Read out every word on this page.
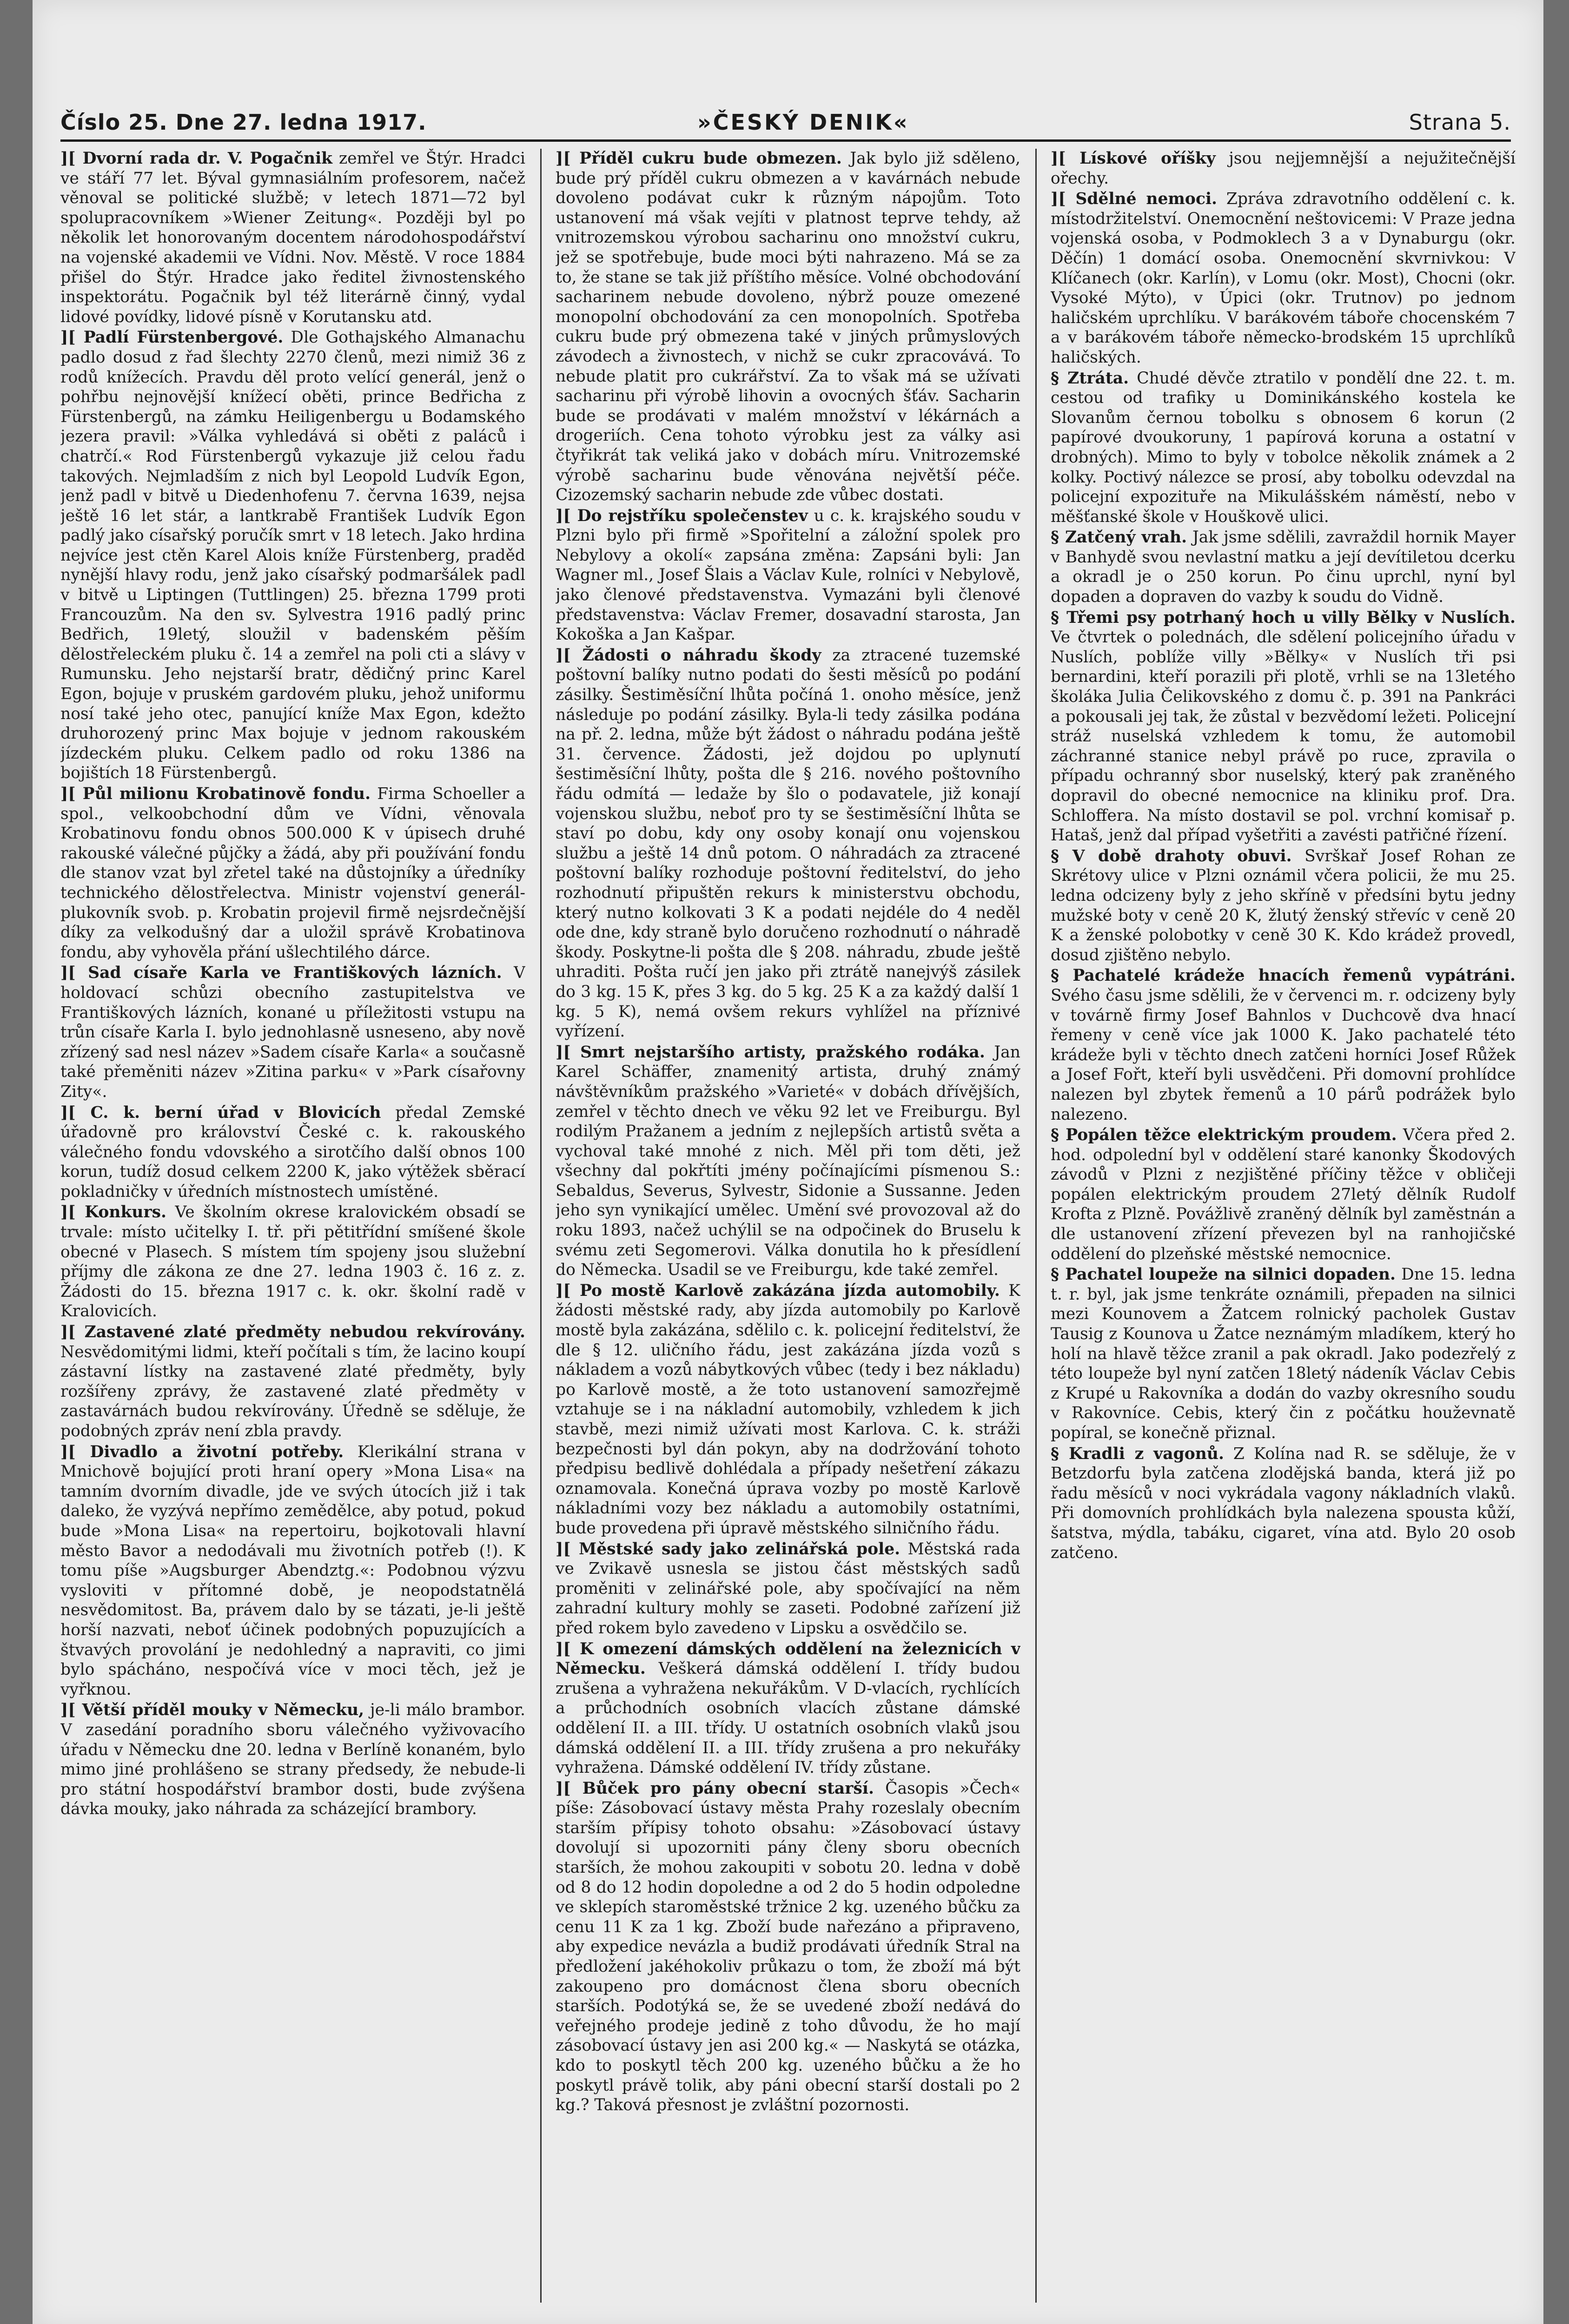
Číslo 25. Dne 27. ledna 1917.	»ČESKÝ DENIK«	Strana 5.

][ Dvorní rada dr. V. Pogačnik zemřel ve Štýr. Hradci ve stáří 77 let. Býval gymnasiálním profesorem, načež věnoval se politické službě; v letech 1871—72 byl spolupracovníkem »Wiener Zeitung«. Později byl po několik let honorovaným docentem národohospodářství na vojenské akademii ve Vídni. Nov. Městě. V roce 1884 přišel do Štýr. Hradce jako ředitel živnostenského inspektorátu. Pogačnik byl též literárně činný, vydal lidové povídky, lidové písně v Korutansku atd.

][ Padlí Fürstenbergové. Dle Gothajského Almanachu padlo dosud z řad šlechty 2270 členů, mezi nimiž 36 z rodů knížecích. Pravdu děl proto velící generál, jenž o pohřbu nejnovější knížecí oběti, prince Bedřicha z Fürstenbergů, na zámku Heiligenbergu u Bodamského jezera pravil: »Válka vyhledává si oběti z paláců i chatrčí.« Rod Fürstenbergů vykazuje již celou řadu takových. Nejmladším z nich byl Leopold Ludvík Egon, jenž padl v bitvě u Diedenhofenu 7. června 1639, nejsa ještě 16 let stár, a lantkrabě František Ludvík Egon padlý jako císařský poručík smrt v 18 letech. Jako hrdina nejvíce jest ctěn Karel Alois kníže Fürstenberg, praděd nynější hlavy rodu, jenž jako císařský podmaršálek padl v bitvě u Liptingen (Tuttlingen) 25. března 1799 proti Francouzům. Na den sv. Sylvestra 1916 padlý princ Bedřich, 19letý, sloužil v badenském pěším dělostřeleckém pluku č. 14 a zemřel na poli cti a slávy v Rumunsku. Jeho nejstarší bratr, dědičný princ Karel Egon, bojuje v pruském gardovém pluku, jehož uniformu nosí také jeho otec, panující kníže Max Egon, kdežto druhorozený princ Max bojuje v jednom rakouském jízdeckém pluku. Celkem padlo od roku 1386 na bojištích 18 Fürstenbergů.

][ Půl milionu Krobatinově fondu. Firma Schoeller a spol., velkoobchodní dům ve Vídni, věnovala Krobatinovu fondu obnos 500.000 K v úpisech druhé rakouské válečné půjčky a žádá, aby při používání fondu dle stanov vzat byl zřetel také na důstojníky a úředníky technického dělostřelectva. Ministr vojenství generál-plukovník svob. p. Krobatin projevil firmě nejsrdečnější díky za velkodušný dar a uložil správě Krobatinova fondu, aby vyhověla přání ušlechtilého dárce.

][ Sad císaře Karla ve Františkových lázních. V holdovací schůzi obecního zastupitelstva ve Františkových lázních, konané u příležitosti vstupu na trůn císaře Karla I. bylo jednohlasně usneseno, aby nově zřízený sad nesl název »Sadem císaře Karla« a současně také přeměniti název »Zitina parku« v »Park císařovny Zity«.

][ C. k. berní úřad v Blovicích předal Zemské úřadovně pro království České c. k. rakouského válečného fondu vdovského a sirotčího další obnos 100 korun, tudíž dosud celkem 2200 K, jako výtěžek sběrací pokladničky v úředních místnostech umístěné.

][ Konkurs. Ve školním okrese kralovickém obsadí se trvale: místo učitelky I. tř. při pětitřídní smíšené škole obecné v Plasech. S místem tím spojeny jsou služební příjmy dle zákona ze dne 27. ledna 1903 č. 16 z. z. Žádosti do 15. března 1917 c. k. okr. školní radě v Kralovicích.

][ Zastavené zlaté předměty nebudou rekvírovány. Nesvědomitými lidmi, kteří počítali s tím, že lacino koupí zástavní lístky na zastavené zlaté předměty, byly rozšířeny zprávy, že zastavené zlaté předměty v zastavárnách budou rekvírovány. Úředně se sděluje, že podobných zpráv není zbla pravdy.

][ Divadlo a životní potřeby. Klerikální strana v Mnichově bojující proti hraní opery »Mona Lisa« na tamním dvorním divadle, jde ve svých útocích již i tak daleko, že vyzývá nepřímo zemědělce, aby potud, pokud bude »Mona Lisa« na repertoiru, bojkotovali hlavní město Bavor a nedodávali mu životních potřeb (!). K tomu píše »Augsburger Abendztg.«: Podobnou výzvu vysloviti v přítomné době, je neopodstatnělá nesvědomitost. Ba, právem dalo by se tázati, je-li ještě horší nazvati, neboť účinek podobných popuzujících a štvavých provolání je nedohledný a napraviti, co jimi bylo spácháno, nespočívá více v moci těch, jež je vyřknou.

][ Větší příděl mouky v Německu, je-li málo brambor. V zasedání poradního sboru válečného vyživovacího úřadu v Německu dne 20. ledna v Berlíně konaném, bylo mimo jiné prohlášeno se strany předsedy, že nebude-li pro státní hospodářství brambor dosti, bude zvýšena dávka mouky, jako náhrada za scházející brambory.

][ Příděl cukru bude obmezen. Jak bylo již sděleno, bude prý příděl cukru obmezen a v kavárnách nebude dovoleno podávat cukr k různým nápojům. Toto ustanovení má však vejíti v platnost teprve tehdy, až vnitrozemskou výrobou sacharinu ono množství cukru, jež se spotřebuje, bude moci býti nahrazeno. Má se za to, že stane se tak již příštího měsíce. Volné obchodování sacharinem nebude dovoleno, nýbrž pouze omezené monopolní obchodování za cen monopolních. Spotřeba cukru bude prý obmezena také v jiných průmyslových závodech a živnostech, v nichž se cukr zpracovává. To nebude platit pro cukrářství. Za to však má se užívati sacharinu při výrobě lihovin a ovocných šťáv. Sacharin bude se prodávati v malém množství v lékárnách a drogeriích. Cena tohoto výrobku jest za války asi čtyřikrát tak veliká jako v dobách míru. Vnitrozemské výrobě sacharinu bude věnována největší péče. Cizozemský sacharin nebude zde vůbec dostati.

][ Do rejstříku společenstev u c. k. krajského soudu v Plzni bylo při firmě »Spořitelní a záložní spolek pro Nebylovy a okolí« zapsána změna: Zapsáni byli: Jan Wagner ml., Josef Šlais a Václav Kule, rolníci v Nebylově, jako členové představenstva. Vymazáni byli členové představenstva: Václav Fremer, dosavadní starosta, Jan Kokoška a Jan Kašpar.

][ Žádosti o náhradu škody za ztracené tuzemské poštovní balíky nutno podati do šesti měsíců po podání zásilky. Šestiměsíční lhůta počíná 1. onoho měsíce, jenž následuje po podání zásilky. Byla-li tedy zásilka podána na př. 2. ledna, může být žádost o náhradu podána ještě 31. července. Žádosti, jež dojdou po uplynutí šestiměsíční lhůty, pošta dle § 216. nového poštovního řádu odmítá — ledaže by šlo o podavatele, již konají vojenskou službu, neboť pro ty se šestiměsíční lhůta se staví po dobu, kdy ony osoby konají onu vojenskou službu a ještě 14 dnů potom. O náhradách za ztracené poštovní balíky rozhoduje poštovní ředitelství, do jeho rozhodnutí připuštěn rekurs k ministerstvu obchodu, který nutno kolkovati 3 K a podati nejdéle do 4 neděl ode dne, kdy straně bylo doručeno rozhodnutí o náhradě škody. Poskytne-li pošta dle § 208. náhradu, zbude ještě uhraditi. Pošta ručí jen jako při ztrátě nanejvýš zásilek do 3 kg. 15 K, přes 3 kg. do 5 kg. 25 K a za každý další 1 kg. 5 K), nemá ovšem rekurs vyhlížel na příznivé vyřízení.

][ Smrt nejstaršího artisty, pražského rodáka. Jan Karel Schäffer, znamenitý artista, druhý známý návštěvníkům pražského »Varieté« v dobách dřívějších, zemřel v těchto dnech ve věku 92 let ve Freiburgu. Byl rodilým Pražanem a jedním z nejlepších artistů světa a vychoval také mnohé z nich. Měl při tom děti, jež všechny dal pokřtíti jmény počínajícími písmenou S.: Sebaldus, Severus, Sylvestr, Sidonie a Sussanne. Jeden jeho syn vynikající umělec. Umění své provozoval až do roku 1893, načež uchýlil se na odpočinek do Bruselu k svému zeti Segomerovi. Válka donutila ho k přesídlení do Německa. Usadil se ve Freiburgu, kde také zemřel.

][ Po mostě Karlově zakázána jízda automobily. K žádosti městské rady, aby jízda automobily po Karlově mostě byla zakázána, sdělilo c. k. policejní ředitelství, že dle § 12. uličního řádu, jest zakázána jízda vozů s nákladem a vozů nábytkových vůbec (tedy i bez nákladu) po Karlově mostě, a že toto ustanovení samozřejmě vztahuje se i na nákladní automobily, vzhledem k jich stavbě, mezi nimiž užívati most Karlova. C. k. stráži bezpečnosti byl dán pokyn, aby na dodržování tohoto předpisu bedlivě dohlédala a případy nešetření zákazu oznamovala. Konečná úprava vozby po mostě Karlově nákladními vozy bez nákladu a automobily ostatními, bude provedena při úpravě městského silničního řádu.

][ Městské sady jako zelinářská pole. Městská rada ve Zvikavě usnesla se jistou část městských sadů proměniti v zelinářské pole, aby spočívající na něm zahradní kultury mohly se zaseti. Podobné zařízení již před rokem bylo zavedeno v Lipsku a osvědčilo se.

][ K omezení dámských oddělení na železnicích v Německu. Veškerá dámská oddělení I. třídy budou zrušena a vyhražena nekuřákům. V D-vlacích, rychlících a průchodních osobních vlacích zůstane dámské oddělení II. a III. třídy. U ostatních osobních vlaků jsou dámská oddělení II. a III. třídy zrušena a pro nekuřáky vyhražena. Dámské oddělení IV. třídy zůstane.

][ Bůček pro pány obecní starší. Časopis »Čech« píše: Zásobovací ústavy města Prahy rozeslaly obecním starším přípisy tohoto obsahu: »Zásobovací ústavy dovolují si upozorniti pány členy sboru obecních starších, že mohou zakoupiti v sobotu 20. ledna v době od 8 do 12 hodin dopoledne a od 2 do 5 hodin odpoledne ve sklepích staroměstské tržnice 2 kg. uzeného bůčku za cenu 11 K za 1 kg. Zboží bude nařezáno a připraveno, aby expedice nevázla a budiž prodávati úředník Stral na předložení jakéhokoliv průkazu o tom, že zboží má být zakoupeno pro domácnost člena sboru obecních starších. Podotýká se, že se uvedené zboží nedává do veřejného prodeje jedině z toho důvodu, že ho mají zásobovací ústavy jen asi 200 kg.« — Naskytá se otázka, kdo to poskytl těch 200 kg. uzeného bůčku a že ho poskytl právě tolik, aby páni obecní starší dostali po 2 kg.? Taková přesnost je zvláštní pozornosti.

][ Lískové oříšky jsou nejjemnější a nejužitečnější ořechy.

][ Sdělné nemoci. Zpráva zdravotního oddělení c. k. místodržitelství. Onemocnění neštovicemi: V Praze jedna vojenská osoba, v Podmoklech 3 a v Dynaburgu (okr. Děčín) 1 domácí osoba. Onemocnění skvrnivkou: V Klíčanech (okr. Karlín), v Lomu (okr. Most), Chocni (okr. Vysoké Mýto), v Úpici (okr. Trutnov) po jednom haličském uprchlíku. V barákovém táboře chocenském 7 a v barákovém táboře německo-brodském 15 uprchlíků haličských.

§ Ztráta. Chudé děvče ztratilo v pondělí dne 22. t. m. cestou od trafiky u Dominikánského kostela ke Slovanům černou tobolku s obnosem 6 korun (2 papírové dvoukoruny, 1 papírová koruna a ostatní v drobných). Mimo to byly v tobolce několik známek a 2 kolky. Poctivý nálezce se prosí, aby tobolku odevzdal na policejní expozituře na Mikulášském náměstí, nebo v měšťanské škole v Houškově ulici.

§ Zatčený vrah. Jak jsme sdělili, zavraždil hornik Mayer v Banhydě svou nevlastní matku a její devítiletou dcerku a okradl je o 250 korun. Po činu uprchl, nyní byl dopaden a dopraven do vazby k soudu do Vidně.

§ Třemi psy potrhaný hoch u villy Bělky v Nuslích. Ve čtvrtek o polednách, dle sdělení policejního úřadu v Nuslích, poblíže villy »Bělky« v Nuslích tři psi bernardini, kteří porazili při plotě, vrhli se na 13letého školáka Julia Čelikovského z domu č. p. 391 na Pankráci a pokousali jej tak, že zůstal v bezvědomí ležeti. Policejní stráž nuselská vzhledem k tomu, že automobil záchranné stanice nebyl právě po ruce, zpravila o případu ochranný sbor nuselský, který pak zraněného dopravil do obecné nemocnice na kliniku prof. Dra. Schloffera. Na místo dostavil se pol. vrchní komisař p. Hataš, jenž dal případ vyšetřiti a zavésti patřičné řízení.

§ V době drahoty obuvi. Svrškař Josef Rohan ze Skrétovy ulice v Plzni oznámil včera policii, že mu 25. ledna odcizeny byly z jeho skříně v předsíni bytu jedny mužské boty v ceně 20 K, žlutý ženský střevíc v ceně 20 K a ženské polobotky v ceně 30 K. Kdo krádež provedl, dosud zjištěno nebylo.

§ Pachatelé krádeže hnacích řemenů vypátráni. Svého času jsme sdělili, že v červenci m. r. odcizeny byly v továrně firmy Josef Bahnlos v Duchcově dva hnací řemeny v ceně více jak 1000 K. Jako pachatelé této krádeže byli v těchto dnech zatčeni horníci Josef Růžek a Josef Fořt, kteří byli usvědčeni. Při domovní prohlídce nalezen byl zbytek řemenů a 10 párů podrážek bylo nalezeno.

§ Popálen těžce elektrickým proudem. Včera před 2. hod. odpolední byl v oddělení staré kanonky Škodových závodů v Plzni z nezjištěné příčiny těžce v obličeji popálen elektrickým proudem 27letý dělník Rudolf Krofta z Plzně. Povážlivě zraněný dělník byl zaměstnán a dle ustanovení zřízení převezen byl na ranhojičské oddělení do plzeňské městské nemocnice.

§ Pachatel loupeže na silnici dopaden. Dne 15. ledna t. r. byl, jak jsme tenkráte oznámili, přepaden na silnici mezi Kounovem a Žatcem rolnický pacholek Gustav Tausig z Kounova u Žatce neznámým mladíkem, který ho holí na hlavě těžce zranil a pak okradl. Jako podezřelý z této loupeže byl nyní zatčen 18letý nádeník Václav Cebis z Krupé u Rakovníka a dodán do vazby okresního soudu v Rakovníce. Cebis, který čin z počátku houževnatě popíral, se konečně přiznal.

§ Kradli z vagonů. Z Kolína nad R. se sděluje, že v Betzdorfu byla zatčena zlodějská banda, která již po řadu měsíců v noci vykrádala vagony nákladních vlaků. Při domovních prohlídkách byla nalezena spousta kůží, šatstva, mýdla, tabáku, cigaret, vína atd. Bylo 20 osob zatčeno.
